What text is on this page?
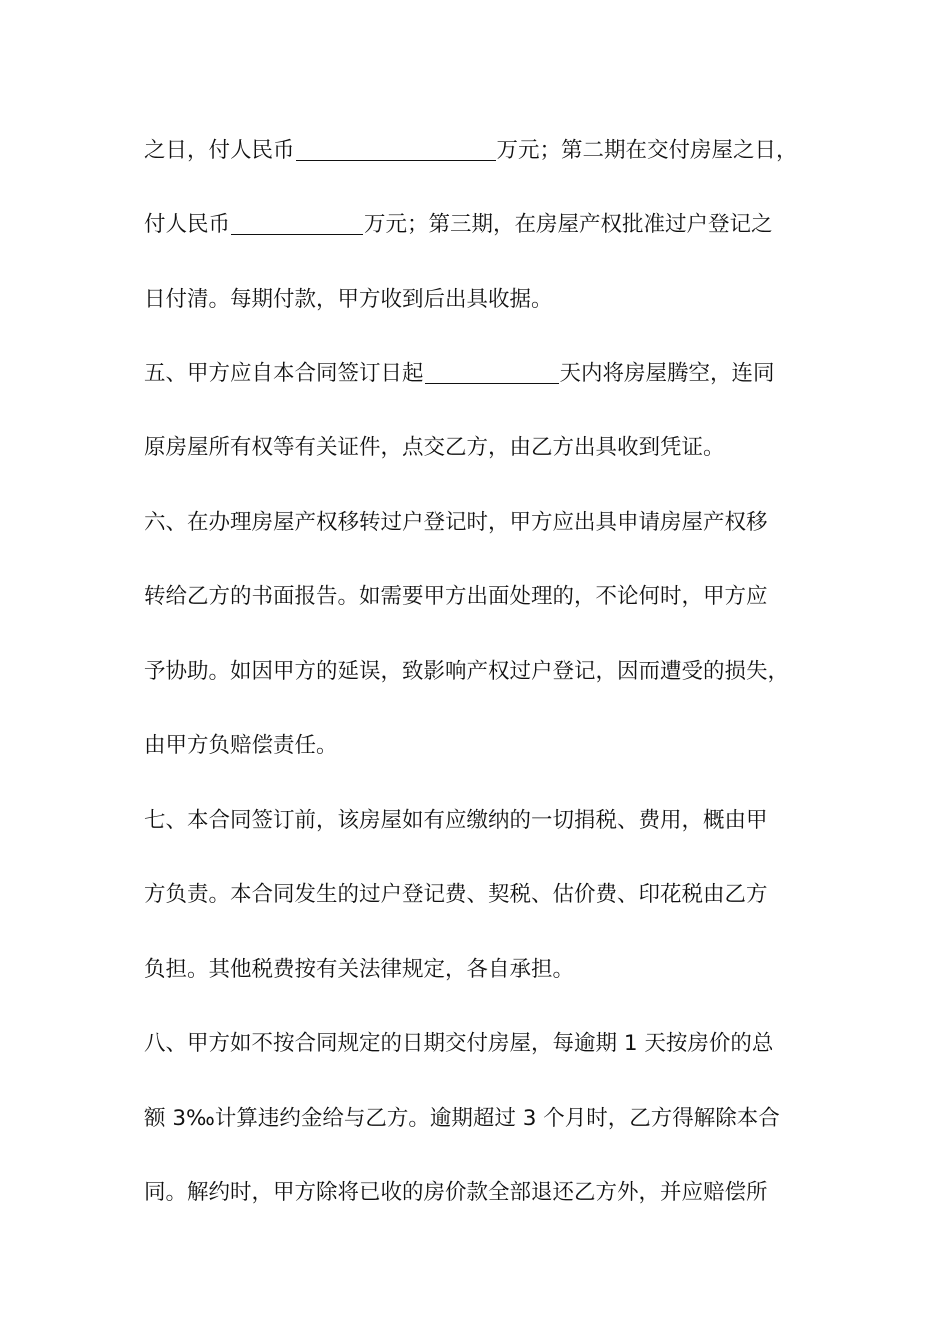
之日，付人民币	万元；第二期在交付房屋之日，
付人民币	万元；第三期，在房屋产权批准过户登记之
日付清。每期付款，甲方收到后出具收据。
五、甲方应自本合同签订日起	天内将房屋腾空，连同
原房屋所有权等有关证件，点交乙方，由乙方出具收到凭证。
六、在办理房屋产权移转过户登记时，甲方应出具申请房屋产权移
转给乙方的书面报告。如需要甲方出面处理的，不论何时，甲方应
予协助。如因甲方的延误，致影响产权过户登记，因而遭受的损失，
由甲方负赔偿责任。
七、本合同签订前，该房屋如有应缴纳的一切捐税、费用，概由甲
方负责。本合同发生的过户登记费、契税、估价费、印花税由乙方
负担。其他税费按有关法律规定，各自承担。
八、甲方如不按合同规定的日期交付房屋，每逾期 1 天按房价的总
额 3‰计算违约金给与乙方。逾期超过 3 个月时，乙方得解除本合
同。解约时，甲方除将已收的房价款全部退还乙方外，并应赔偿所
